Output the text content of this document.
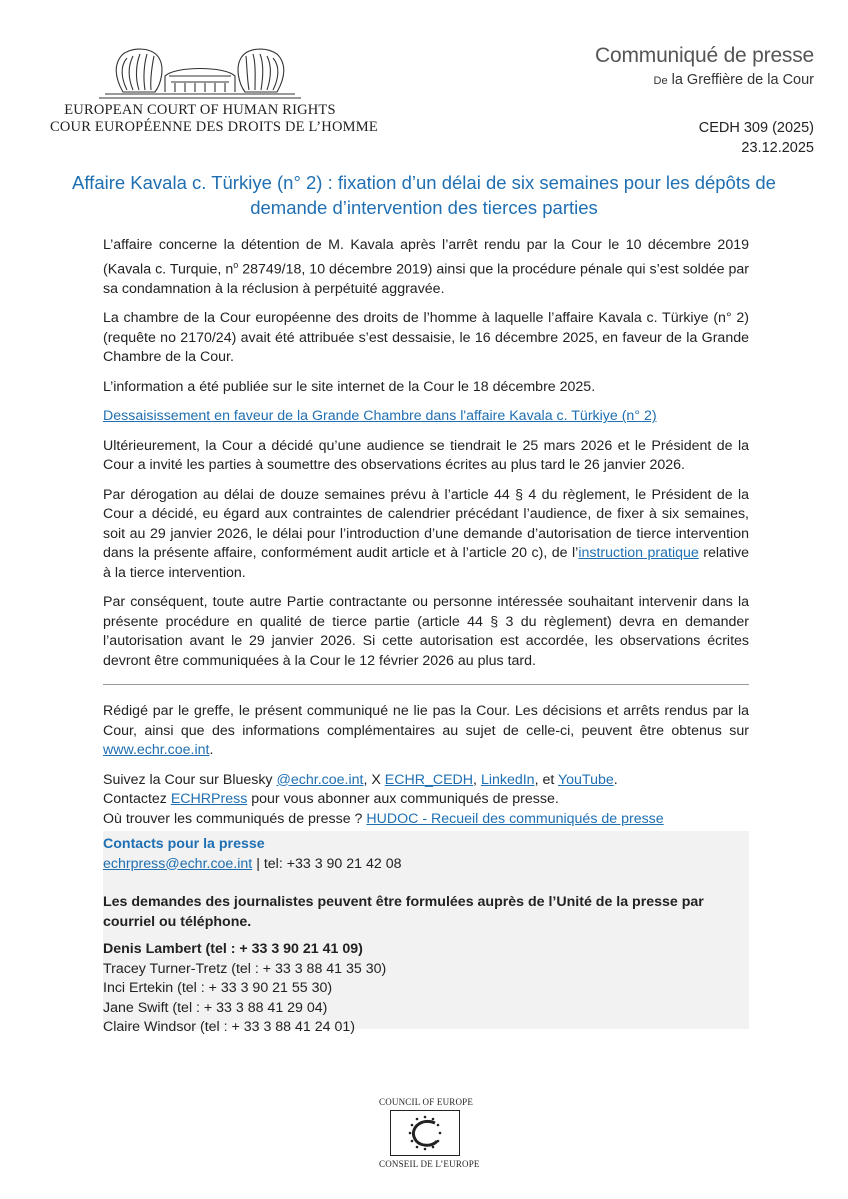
EUROPEAN COURT OF HUMAN RIGHTS
COUR EUROPÉENNE DES DROITS DE L’HOMME
Communiqué de presse
De la Greffière de la Cour
CEDH 309 (2025)
23.12.2025
Affaire Kavala c. Türkiye (n° 2) : fixation d’un délai de six semaines pour les dépôts de demande d’intervention des tierces parties

L’affaire concerne la détention de M. Kavala après l’arrêt rendu par la Cour le 10 décembre 2019 (Kavala c. Turquie, $n^o$ 28749/18, 10 décembre 2019) ainsi que la procédure pénale qui s’est soldée par sa condamnation à la réclusion à perpétuité aggravée.

La chambre de la Cour européenne des droits de l’homme à laquelle l’affaire Kavala c. Türkiye (n° 2) (requête no 2170/24) avait été attribuée s’est dessaisie, le 16 décembre 2025, en faveur de la Grande Chambre de la Cour.

L’information a été publiée sur le site internet de la Cour le 18 décembre 2025.

Dessaisissement en faveur de la Grande Chambre dans l'affaire Kavala c. Türkiye (n° 2)

Ultérieurement, la Cour a décidé qu’une audience se tiendrait le 25 mars 2026 et le Président de la Cour a invité les parties à soumettre des observations écrites au plus tard le 26 janvier 2026.

Par dérogation au délai de douze semaines prévu à l’article 44 § 4 du règlement, le Président de la Cour a décidé, eu égard aux contraintes de calendrier précédant l’audience, de fixer à six semaines, soit au 29 janvier 2026, le délai pour l’introduction d’une demande d’autorisation de tierce intervention dans la présente affaire, conformément audit article et à l’article 20 c), de l’instruction pratique relative à la tierce intervention.

Par conséquent, toute autre Partie contractante ou personne intéressée souhaitant intervenir dans la présente procédure en qualité de tierce partie (article 44 § 3 du règlement) devra en demander l’autorisation avant le 29 janvier 2026. Si cette autorisation est accordée, les observations écrites devront être communiquées à la Cour le 12 février 2026 au plus tard.

Rédigé par le greffe, le présent communiqué ne lie pas la Cour. Les décisions et arrêts rendus par la Cour, ainsi que des informations complémentaires au sujet de celle-ci, peuvent être obtenus sur www.echr.coe.int.

Suivez la Cour sur Bluesky @echr.coe.int, X ECHR_CEDH, LinkedIn, et YouTube.
Contactez ECHRPress pour vous abonner aux communiqués de presse.
Où trouver les communiqués de presse ? HUDOC - Recueil des communiqués de presse
Contacts pour la presse
echrpress@echr.coe.int | tel: +33 3 90 21 42 08
Les demandes des journalistes peuvent être formulées auprès de l’Unité de la presse par courriel ou téléphone.
Denis Lambert (tel : + 33 3 90 21 41 09)
Tracey Turner-Tretz (tel : + 33 3 88 41 35 30)
Inci Ertekin (tel : + 33 3 90 21 55 30)
Jane Swift (tel : + 33 3 88 41 29 04)
Claire Windsor (tel : + 33 3 88 41 24 01)
COUNCIL OF EUROPE
CONSEIL DE L’EUROPE
